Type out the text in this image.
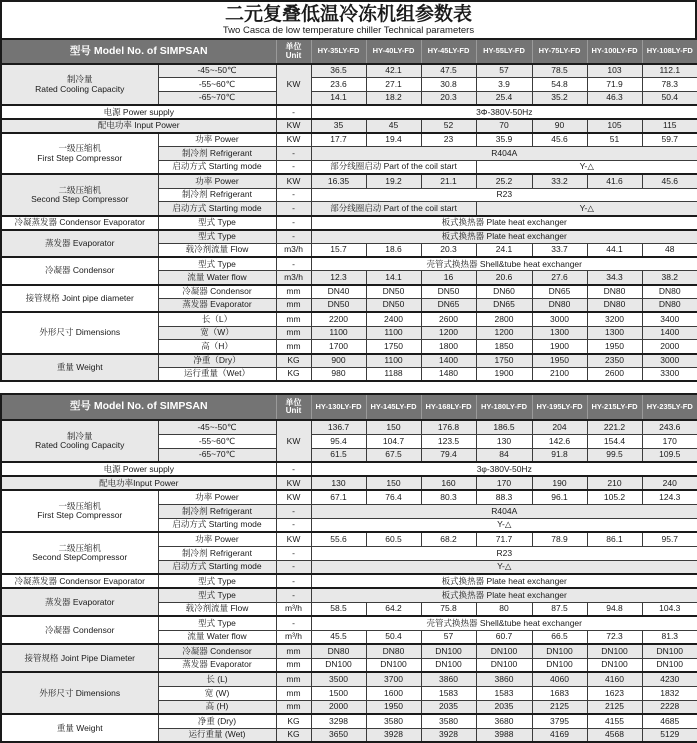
二元复叠低温冷冻机组参数表
Two Casca de low temperature chiller Technical parameters
型号 Model No. of SIMPSAN		单位
Unit	HY-35LY-FD	HY-40LY-FD	HY-45LY-FD	HY-55LY-FD	HY-75LY-FD	HY-100LY-FD	HY-108LY-FD

制冷量
Rated Cooling Capacity	-45~-50℃	KW	36.5	42.1	47.5	57	78.5	103	112.1
	-55~60℃		23.6	27.1	30.8	3.9	54.8	71.9	78.3
	-65~70℃		14.1	18.2	20.3	25.4	35.2	46.3	50.4

电源 Power supply		-	3Φ-380V-50Hz						

配电功率 Input Power		KW	35	45	52	70	90	105	115

一级压缩机
First Step Compressor	功率 Power	KW	17.7	19.4	23	35.9	45.6	51	59.7
	制冷剂 Refrigerant	-	R404A						
	启动方式 Starting mode	-	部分线圈启动 Part of the coil start			Y-△			

二级压缩机
Second Step Compressor	功率 Power	KW	16.35	19.2	21.1	25.2	33.2	41.6	45.6
	制冷剂 Refrigerant	-	R23						
	启动方式 Starting mode	-	部分线圈启动 Part of the coil start			Y-△			

冷凝蒸发器 Condensor Evaporator	型式 Type	-	板式换热器 Plate heat exchanger						

蒸发器 Evaporator	型式 Type	-	板式换热器 Plate heat exchanger						
	载冷剂流量 Flow	m3/h	15.7	18.6	20.3	24.1	33.7	44.1	48

冷凝器 Condensor	型式 Type	-	壳管式换热器 Shell&tube heat exchanger						
	流量 Water flow	m3/h	12.3	14.1	16	20.6	27.6	34.3	38.2

接管规格 Joint pipe diameter	冷凝器 Condensor	mm	DN40	DN50	DN50	DN60	DN65	DN80	DN80
	蒸发器 Evaporator	mm	DN50	DN50	DN65	DN65	DN80	DN80	DN80

外形尺寸 Dimensions	长（L）	mm	2200	2400	2600	2800	3000	3200	3400
	宽（W）	mm	1100	1100	1200	1200	1300	1300	1400
	高（H）	mm	1700	1750	1800	1850	1900	1950	2000

重量 Weight	净重（Dry）	KG	900	1100	1400	1750	1950	2350	3000
	运行重量（Wet）	KG	980	1188	1480	1900	2100	2600	3300
型号 Model No. of SIMPSAN		单位
Unit	HY-130LY-FD	HY-145LY-FD	HY-168LY-FD	HY-180LY-FD	HY-195LY-FD	HY-215LY-FD	HY-235LY-FD

制冷量
Rated Cooling Capacity	-45~-50℃	KW	136.7	150	176.8	186.5	204	221.2	243.6
	-55~60℃		95.4	104.7	123.5	130	142.6	154.4	170
	-65~70℃		61.5	67.5	79.4	84	91.8	99.5	109.5

电源 Power supply		-	3φ-380V-50Hz						

配电功率Input Power		KW	130	150	160	170	190	210	240

一级压缩机
First Step Compressor	功率 Power	KW	67.1	76.4	80.3	88.3	96.1	105.2	124.3
	制冷剂 Refrigerant	-	R404A						
	启动方式 Starting mode	-	Y-△						

二级压缩机
Second StepCompressor	功率 Power	KW	55.6	60.5	68.2	71.7	78.9	86.1	95.7
	制冷剂 Refrigerant	-	R23						
	启动方式 Starting mode	-	Y-△						

冷凝蒸发器 Condensor Evaporator	型式 Type	-	板式换热器 Plate heat exchanger						

蒸发器 Evaporator	型式 Type	-	板式换热器 Plate heat exchanger						
	载冷剂流量 Flow	m³/h	58.5	64.2	75.8	80	87.5	94.8	104.3

冷凝器 Condensor	型式 Type	-	壳管式换热器 Shell&tube heat exchanger						
	流量 Water flow	m³/h	45.5	50.4	57	60.7	66.5	72.3	81.3

接管规格 Joint Pipe Diameter	冷凝器 Condensor	mm	DN80	DN80	DN100	DN100	DN100	DN100	DN100
	蒸发器 Evaporator	mm	DN100	DN100	DN100	DN100	DN100	DN100	DN100

外形尺寸 Dimensions	长 (L)	mm	3500	3700	3860	3860	4060	4160	4230
	宽 (W)	mm	1500	1600	1583	1583	1683	1623	1832
	高 (H)	mm	2000	1950	2035	2035	2125	2125	2228

重量 Weight	净重 (Dry)	KG	3298	3580	3580	3680	3795	4155	4685
	运行重量 (Wet)	KG	3650	3928	3928	3988	4169	4568	5129
